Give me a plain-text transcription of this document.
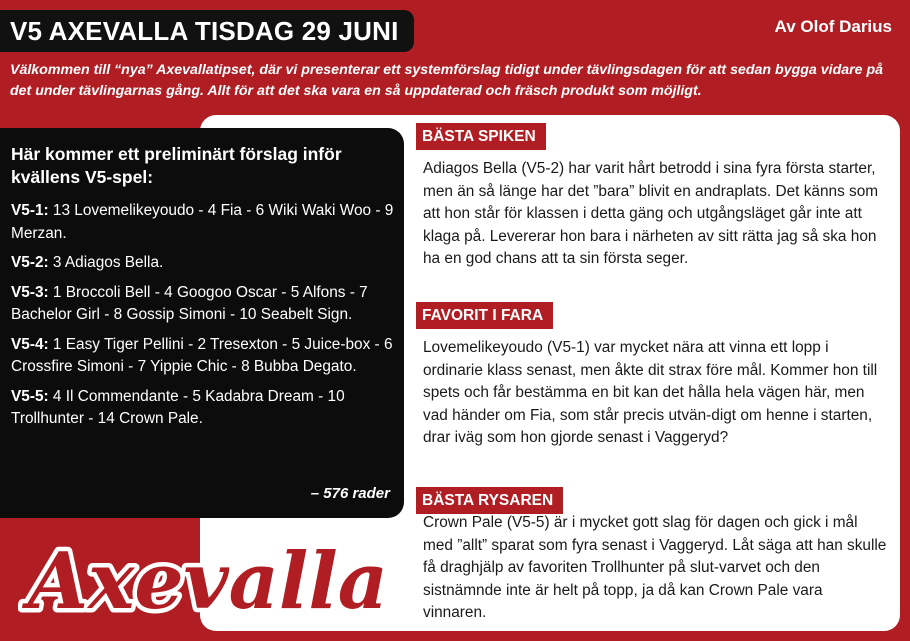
V5 AXEVALLA TISDAG 29 JUNI	Av Olof Darius
Välkommen till “nya” Axevallatipset, där vi presenterar ett systemförslag tidigt under tävlingsdagen för att sedan bygga vidare på det under tävlingarnas gång. Allt för att det ska vara en så uppdaterad och fräsch produkt som möjligt.
Här kommer ett preliminärt förslag inför kvällens V5-spel:
V5-1: 13 Lovemelikeyoudo - 4 Fia - 6 Wiki Waki Woo - 9 Merzan.
V5-2: 3 Adiagos Bella.
V5-3: 1 Broccoli Bell - 4 Googoo Oscar - 5 Alfons - 7 Bachelor Girl - 8 Gossip Simoni - 10 Seabelt Sign.
V5-4: 1 Easy Tiger Pellini - 2 Tresexton - 5 Juice-box - 6 Crossfire Simoni - 7 Yippie Chic - 8 Bubba Degato.
V5-5: 4 Il Commendante - 5 Kadabra Dream - 10 Trollhunter - 14 Crown Pale.
– 576 rader
Axevalla
BÄSTA SPIKEN
Adiagos Bella (V5-2) har varit hårt betrodd i sina fyra första starter, men än så länge har det ”bara” blivit en andraplats. Det känns som att hon står för klassen i detta gäng och utgångsläget går inte att klaga på. Levererar hon bara i närheten av sitt rätta jag så ska hon ha en god chans att ta sin första seger.
FAVORIT I FARA
Lovemelikeyoudo (V5-1) var mycket nära att vinna ett lopp i ordinarie klass senast, men åkte dit strax före mål. Kommer hon till spets och får bestämma en bit kan det hålla hela vägen här, men vad händer om Fia, som står precis utvän-digt om henne i starten, drar iväg som hon gjorde senast i Vaggeryd?
BÄSTA RYSAREN
Crown Pale (V5-5) är i mycket gott slag för dagen och gick i mål med ”allt” sparat som fyra senast i Vaggeryd. Låt säga att han skulle få draghjälp av favoriten Trollhunter på slut-varvet och den sistnämnde inte är helt på topp, ja då kan Crown Pale vara vinnaren.
